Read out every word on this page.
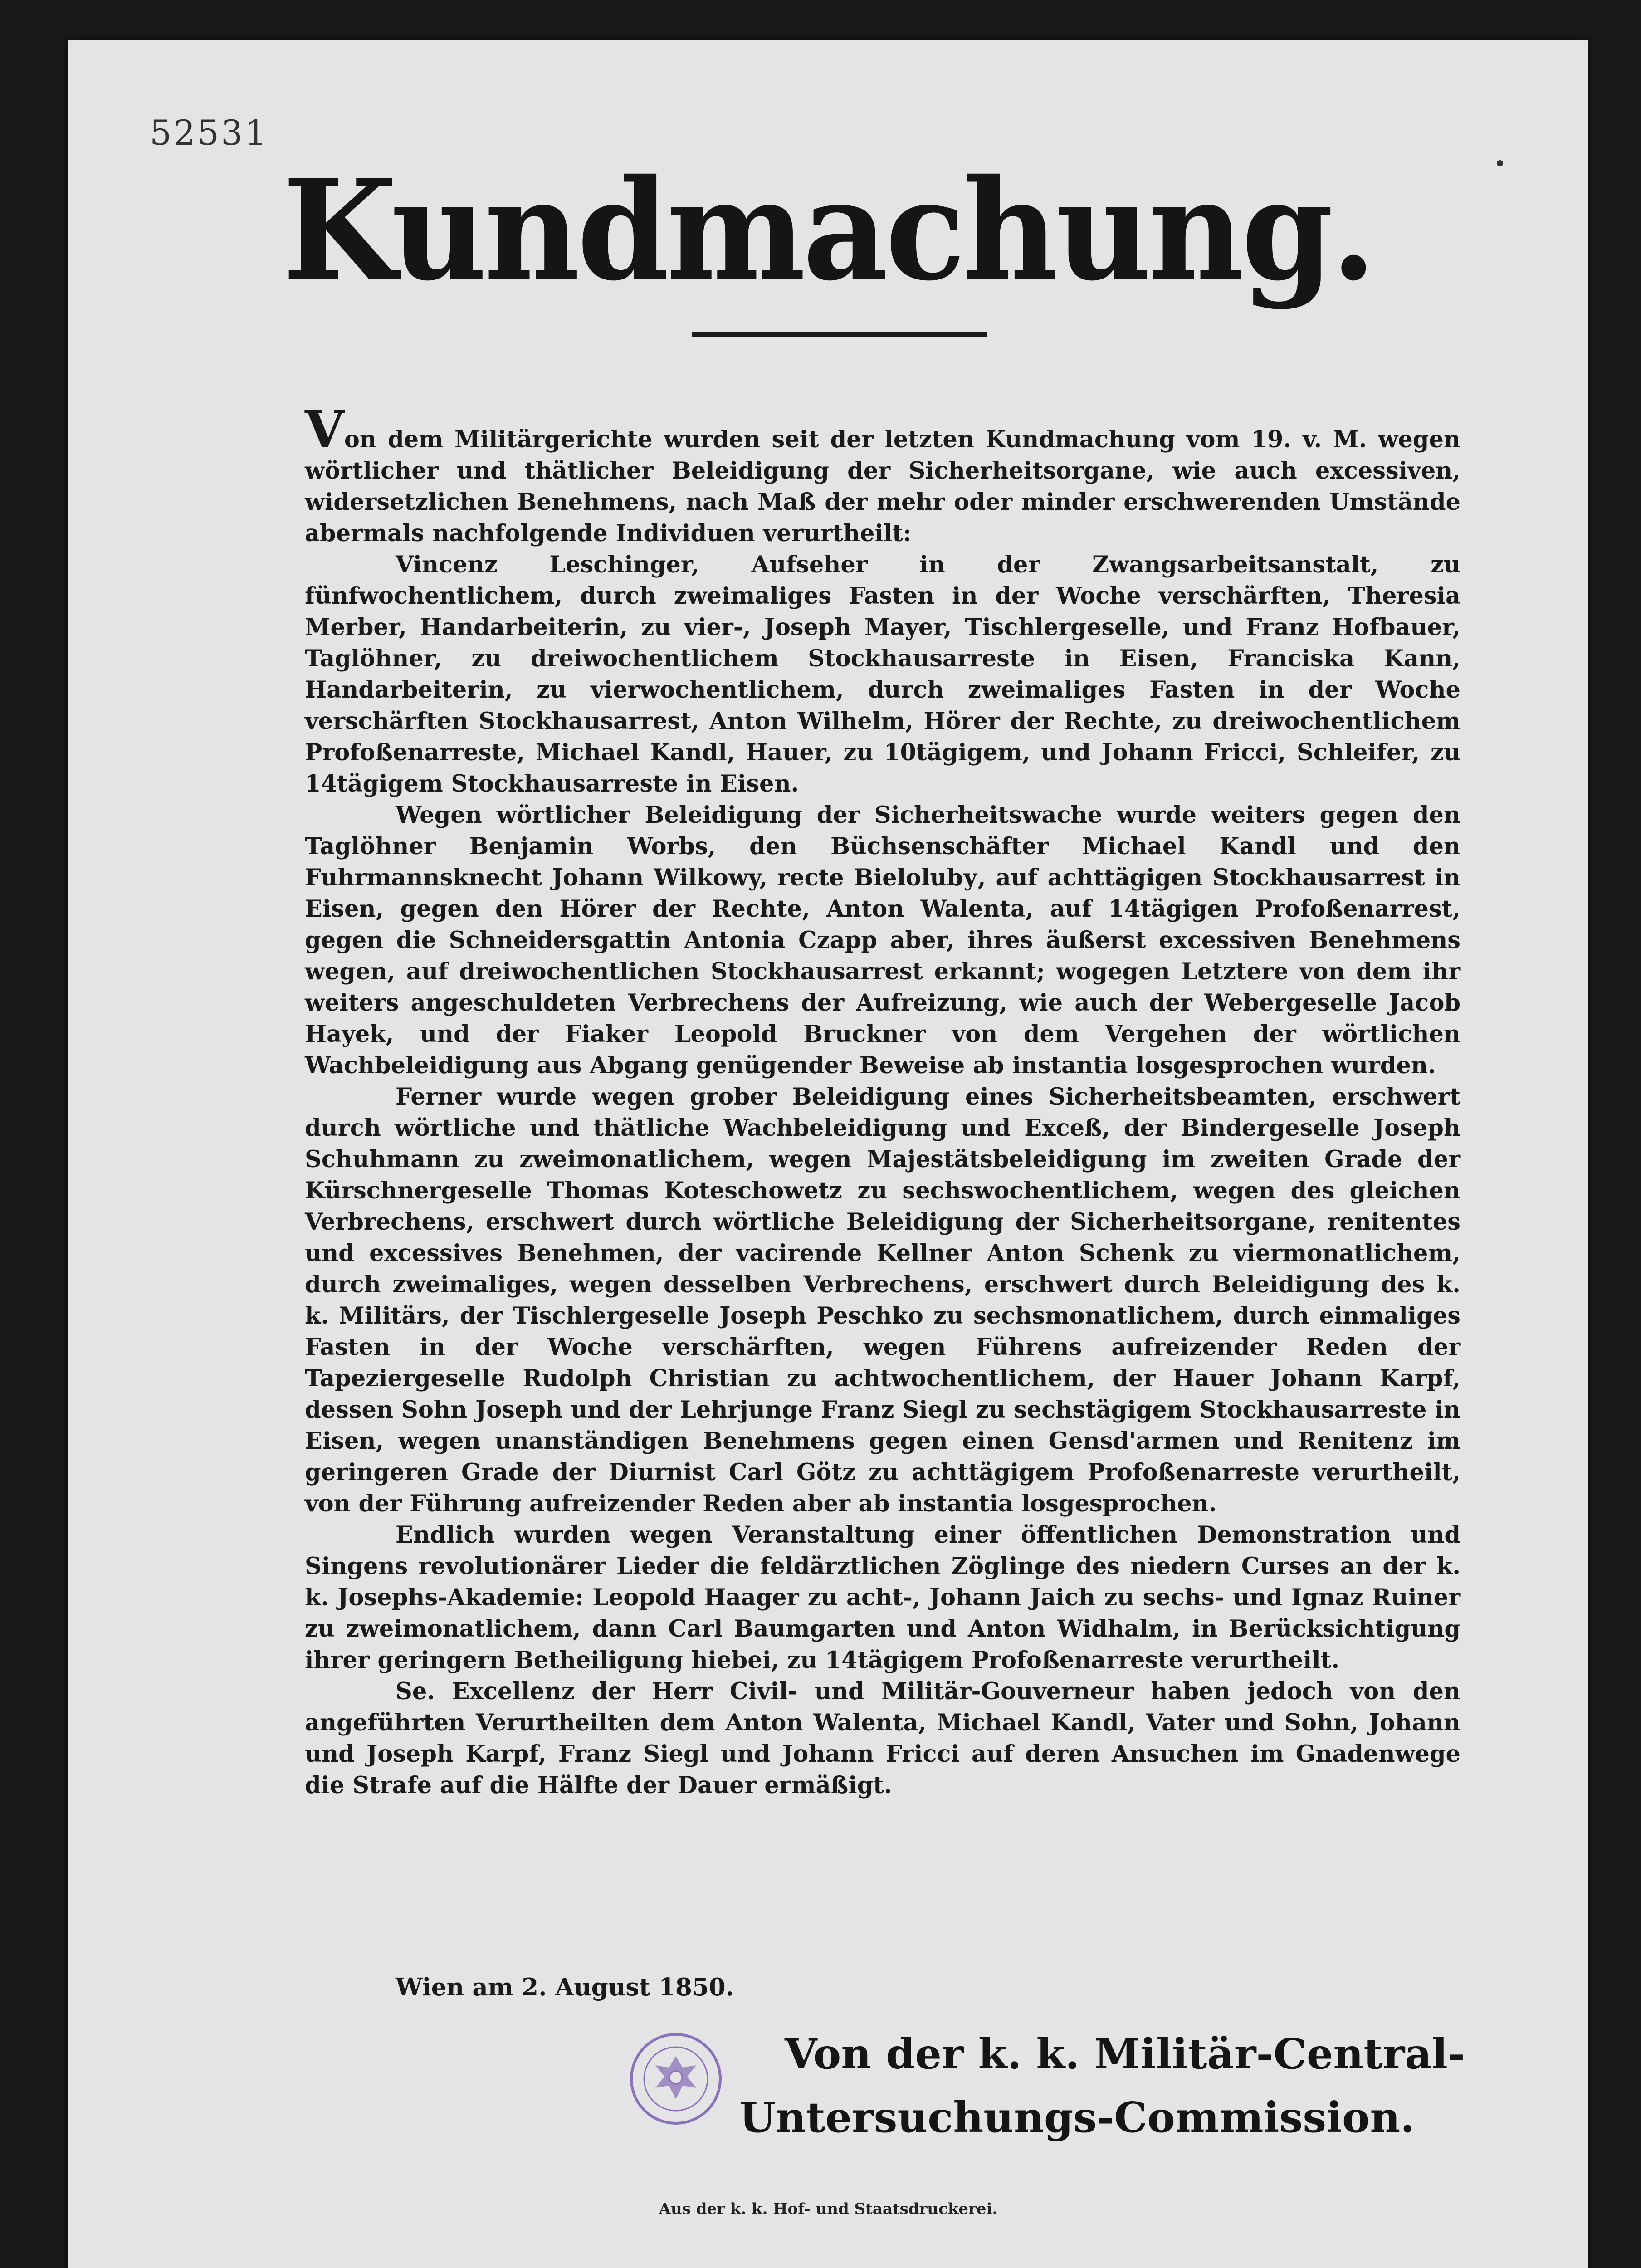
52531
Kundmachung.

Von dem Militärgerichte wurden seit der letzten Kundmachung vom 19. v. M. wegen wörtlicher und thätlicher Beleidigung der Sicherheitsorgane, wie auch excessiven, widersetzlichen Benehmens, nach Maß der mehr oder minder erschwerenden Umstände abermals nachfolgende Individuen verurtheilt:

Vincenz Leschinger, Aufseher in der Zwangsarbeitsanstalt, zu fünfwochentlichem, durch zweimaliges Fasten in der Woche verschärften, Theresia Merber, Handarbeiterin, zu vier-, Joseph Mayer, Tischlergeselle, und Franz Hofbauer, Taglöhner, zu dreiwochentlichem Stockhausarreste in Eisen, Franciska Kann, Handarbeiterin, zu vierwochentlichem, durch zweimaliges Fasten in der Woche verschärften Stockhausarrest, Anton Wilhelm, Hörer der Rechte, zu dreiwochentlichem Profoßenarreste, Michael Kandl, Hauer, zu 10tägigem, und Johann Fricci, Schleifer, zu 14tägigem Stockhausarreste in Eisen.

Wegen wörtlicher Beleidigung der Sicherheitswache wurde weiters gegen den Taglöhner Benjamin Worbs, den Büchsenschäfter Michael Kandl und den Fuhrmannsknecht Johann Wilkowy, recte Bielolubу, auf achttägigen Stockhausarrest in Eisen, gegen den Hörer der Rechte, Anton Walenta, auf 14tägigen Profoßenarrest, gegen die Schneidersgattin Antonia Czapp aber, ihres äußerst excessiven Benehmens wegen, auf dreiwochentlichen Stockhausarrest erkannt; wogegen Letztere von dem ihr weiters angeschuldeten Verbrechens der Aufreizung, wie auch der Webergeselle Jacob Hayek, und der Fiaker Leopold Bruckner von dem Vergehen der wörtlichen Wachbeleidigung aus Abgang genügender Beweise ab instantia losgesprochen wurden.

Ferner wurde wegen grober Beleidigung eines Sicherheitsbeamten, erschwert durch wörtliche und thätliche Wachbeleidigung und Exceß, der Bindergeselle Joseph Schuhmann zu zweimonatlichem, wegen Majestätsbeleidigung im zweiten Grade der Kürschnergeselle Thomas Koteschowetz zu sechswochentlichem, wegen des gleichen Verbrechens, erschwert durch wörtliche Beleidigung der Sicherheitsorgane, renitentes und excessives Benehmen, der vacirende Kellner Anton Schenk zu viermonatlichem, durch zweimaliges, wegen desselben Verbrechens, erschwert durch Beleidigung des k. k. Militärs, der Tischlergeselle Joseph Peschko zu sechsmonatlichem, durch einmaliges Fasten in der Woche verschärften, wegen Führens aufreizender Reden der Tapeziergeselle Rudolph Christian zu achtwochentlichem, der Hauer Johann Karpf, dessen Sohn Joseph und der Lehrjunge Franz Siegl zu sechstägigem Stockhausarreste in Eisen, wegen unanständigen Benehmens gegen einen Gensd'armen und Renitenz im geringeren Grade der Diurnist Carl Götz zu achttägigem Profoßenarreste verurtheilt, von der Führung aufreizender Reden aber ab instantia losgesprochen.

Endlich wurden wegen Veranstaltung einer öffentlichen Demonstration und Singens revolutionärer Lieder die feldärztlichen Zöglinge des niedern Curses an der k. k. Josephs-Akademie: Leopold Haager zu acht-, Johann Jaich zu sechs- und Ignaz Ruiner zu zweimonatlichem, dann Carl Baumgarten und Anton Widhalm, in Berücksichtigung ihrer geringern Betheiligung hiebei, zu 14tägigem Profoßenarreste verurtheilt.

Se. Excellenz der Herr Civil- und Militär-Gouverneur haben jedoch von den angeführten Verurtheilten dem Anton Walenta, Michael Kandl, Vater und Sohn, Johann und Joseph Karpf, Franz Siegl und Johann Fricci auf deren Ansuchen im Gnadenwege die Strafe auf die Hälfte der Dauer ermäßigt.

Wien am 2. August 1850.
Von der k. k. Militär-Central-
Untersuchungs-Commission.
Aus der k. k. Hof- und Staatsdruckerei.
